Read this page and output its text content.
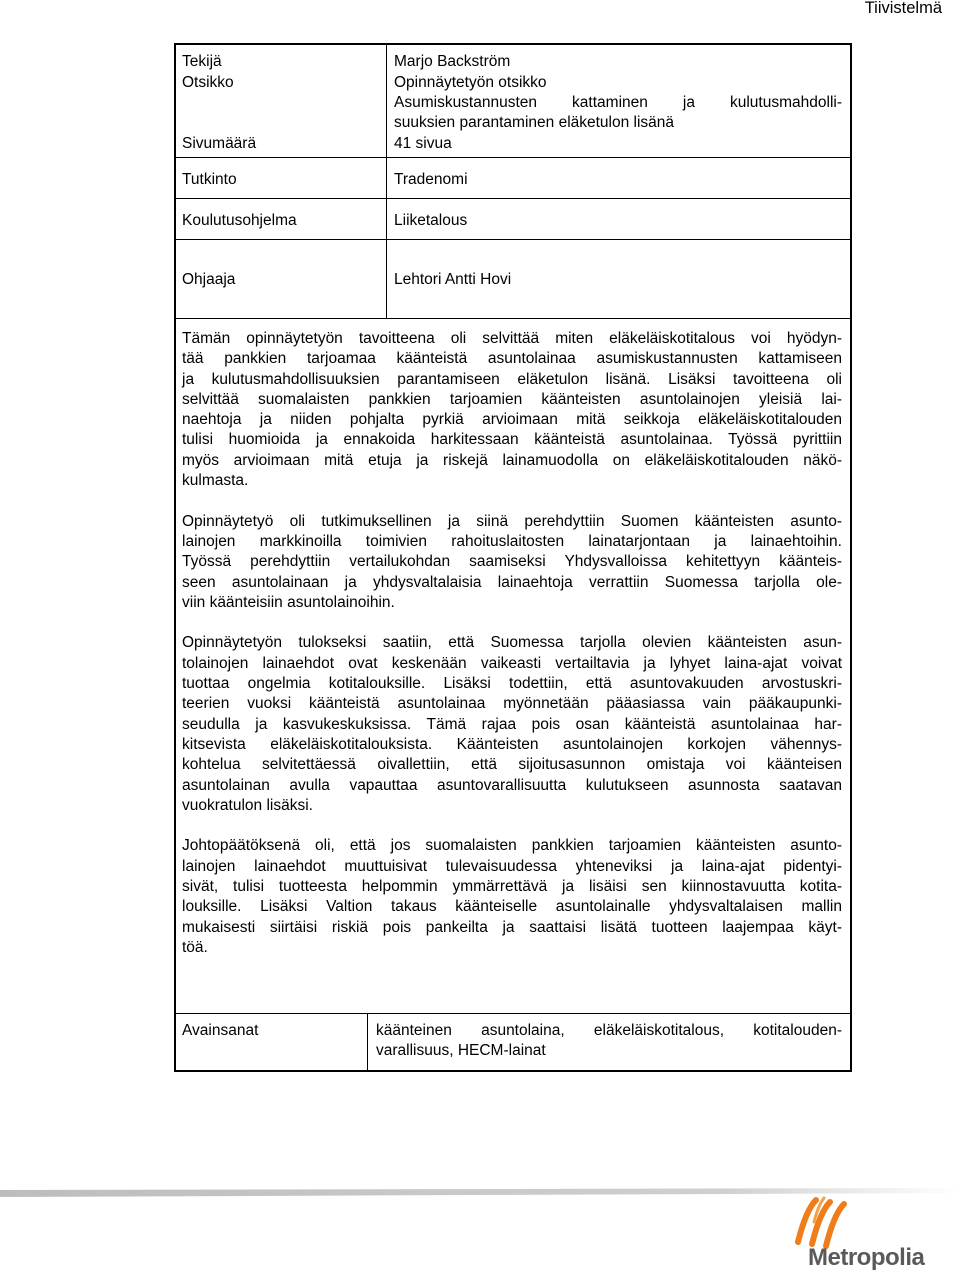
Tiivistelmä
Tekijä
Otsikko
Sivumäärä
Tutkinto
Koulutusohjelma
Ohjaaja
Marjo Backström
Opinnäytetyön otsikko
Asumiskustannusten kattaminen ja kulutusmahdolli-
suuksien parantaminen eläketulon lisänä
41 sivua
Tradenomi
Liiketalous
Lehtori Antti Hovi

Tämän opinnäytetyön tavoitteena oli selvittää miten eläkeläiskotitalous voi hyödyn-
tää pankkien tarjoamaa käänteistä asuntolainaa asumiskustannusten kattamiseen
ja kulutusmahdollisuuksien parantamiseen eläketulon lisänä. Lisäksi tavoitteena oli
selvittää suomalaisten pankkien tarjoamien käänteisten asuntolainojen yleisiä lai-
naehtoja ja niiden pohjalta pyrkiä arvioimaan mitä seikkoja eläkeläiskotitalouden
tulisi huomioida ja ennakoida harkitessaan käänteistä asuntolainaa. Työssä pyrittiin
myös arvioimaan mitä etuja ja riskejä lainamuodolla on eläkeläiskotitalouden näkö-
kulmasta.

Opinnäytetyö oli tutkimuksellinen ja siinä perehdyttiin Suomen käänteisten asunto-
lainojen markkinoilla toimivien rahoituslaitosten lainatarjontaan ja lainaehtoihin.
Työssä perehdyttiin vertailukohdan saamiseksi Yhdysvalloissa kehitettyyn käänteis-
seen asuntolainaan ja yhdysvaltalaisia lainaehtoja verrattiin Suomessa tarjolla ole-
viin käänteisiin asuntolainoihin.

Opinnäytetyön tulokseksi saatiin, että Suomessa tarjolla olevien käänteisten asun-
tolainojen lainaehdot ovat keskenään vaikeasti vertailtavia ja lyhyet laina-ajat voivat
tuottaa ongelmia kotitalouksille. Lisäksi todettiin, että asuntovakuuden arvostuskri-
teerien vuoksi käänteistä asuntolainaa myönnetään pääasiassa vain pääkaupunki-
seudulla ja kasvukeskuksissa. Tämä rajaa pois osan käänteistä asuntolainaa har-
kitsevista eläkeläiskotitalouksista. Käänteisten asuntolainojen korkojen vähennys-
kohtelua selvitettäessä oivallettiin, että sijoitusasunnon omistaja voi käänteisen
asuntolainan avulla vapauttaa asuntovarallisuutta kulutukseen asunnosta saatavan
vuokratulon lisäksi.

Johtopäätöksenä oli, että jos suomalaisten pankkien tarjoamien käänteisten asunto-
lainojen lainaehdot muuttuisivat tulevaisuudessa yhteneviksi ja laina-ajat pidentyi-
sivät, tulisi tuotteesta helpommin ymmärrettävä ja lisäisi sen kiinnostavuutta kotita-
louksille. Lisäksi Valtion takaus käänteiselle asuntolainalle yhdysvaltalaisen mallin
mukaisesti siirtäisi riskiä pois pankeilta ja saattaisi lisätä tuotteen laajempaa käyt-
töä.

Avainsanat	käänteinen asuntolaina, eläkeläiskotitalous, kotitalouden-
varallisuus, HECM-lainat
Metropolia
